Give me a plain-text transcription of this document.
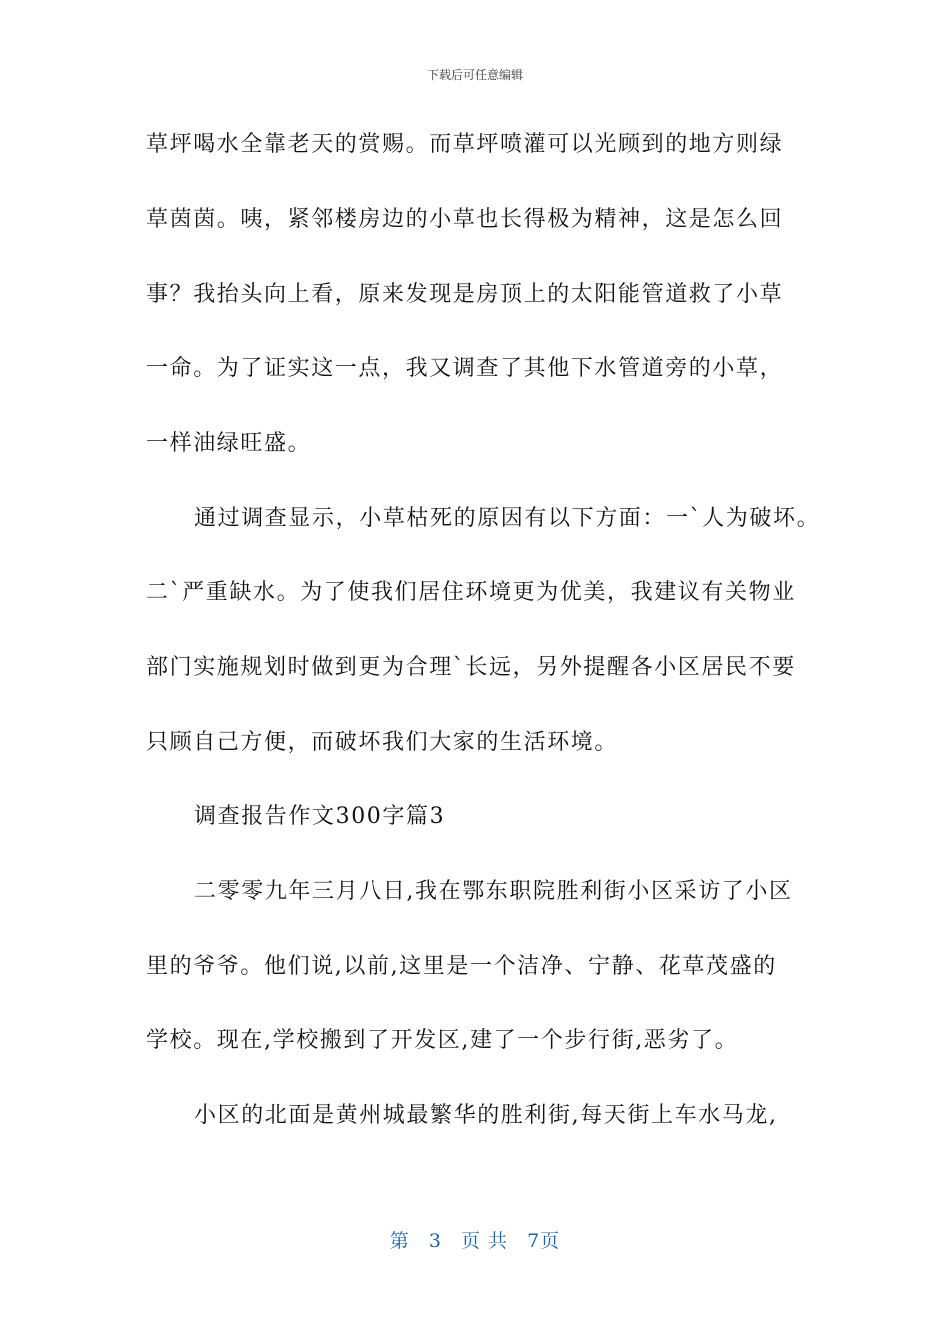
下载后可任意编辑
草坪喝水全靠老天的赏赐。而草坪喷灌可以光顾到的地方则绿
草茵茵。咦，紧邻楼房边的小草也长得极为精神，这是怎么回
事？我抬头向上看，原来发现是房顶上的太阳能管道救了小草
一命。为了证实这一点，我又调查了其他下水管道旁的小草，
一样油绿旺盛。
通过调查显示，小草枯死的原因有以下方面：一`人为破坏。
二`严重缺水。为了使我们居住环境更为优美，我建议有关物业
部门实施规划时做到更为合理`长远，另外提醒各小区居民不要
只顾自己方便，而破坏我们大家的生活环境。
调查报告作文300字篇3
二零零九年三月八日,我在鄂东职院胜利街小区采访了小区
里的爷爷。他们说,以前,这里是一个洁净、宁静、花草茂盛的
学校。现在,学校搬到了开发区,建了一个步行街,恶劣了。
小区的北面是黄州城最繁华的胜利街,每天街上车水马龙,
第 3 页 共 7页
